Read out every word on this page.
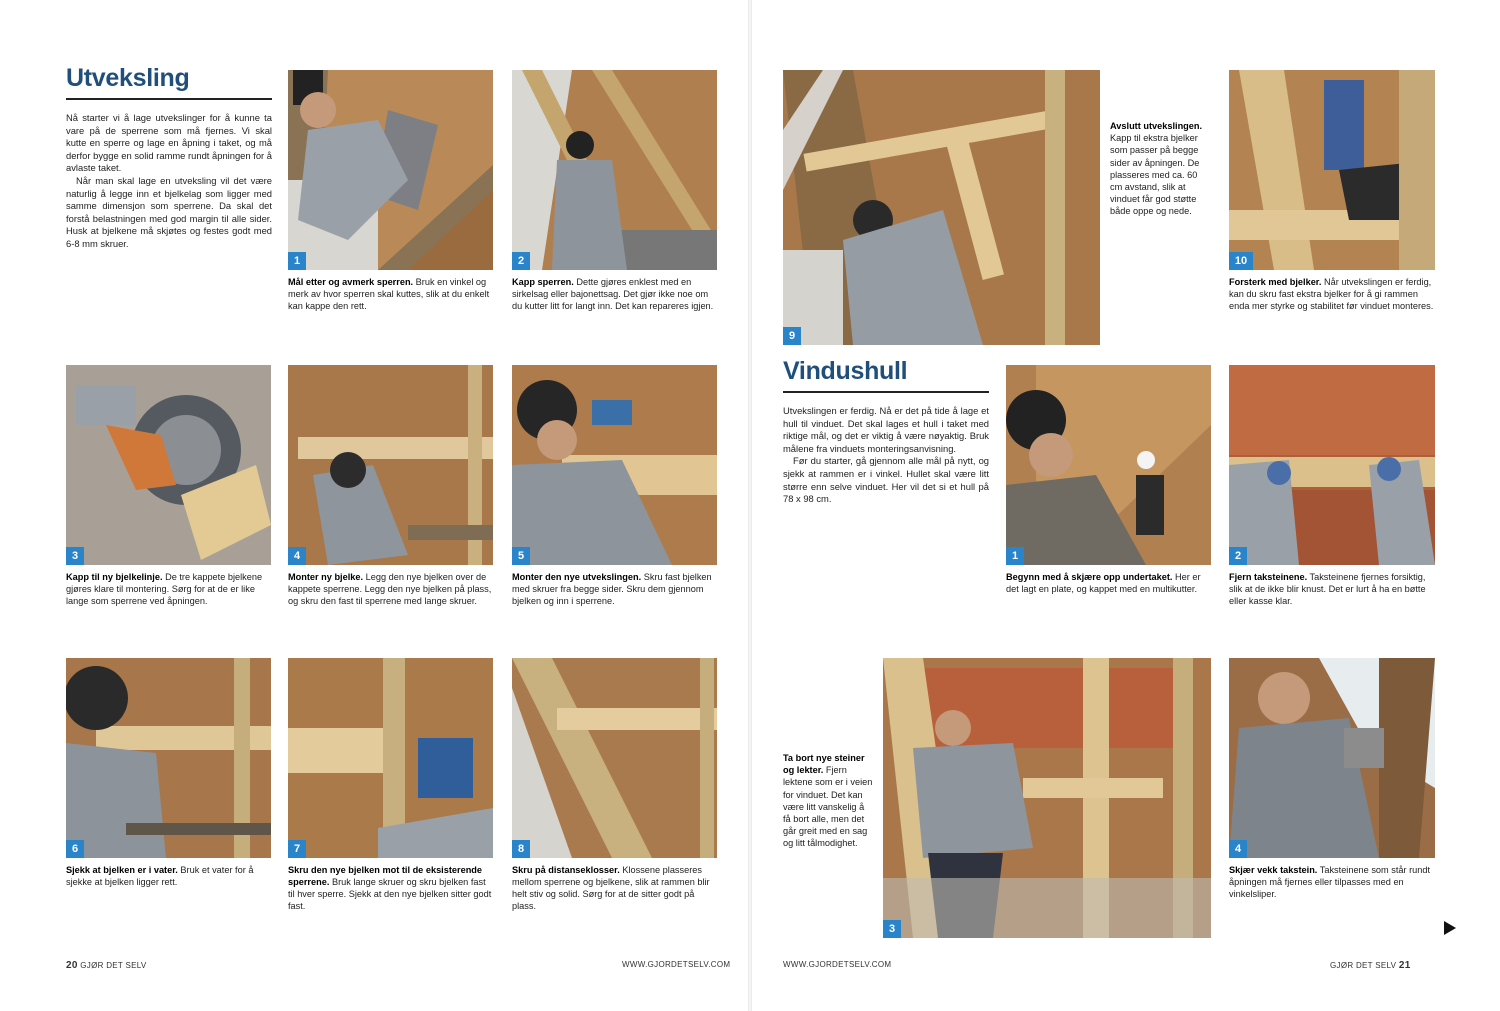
Utveksling

Nå starter vi å lage utvekslinger for å kunne ta vare på de sperrene som må fjernes. Vi skal kutte en sperre og lage en åpning i taket, og må derfor bygge en solid ramme rundt åpningen for å avlaste taket.

Når man skal lage en utveksling vil det være naturlig å legge inn et bjelkelag som ligger med samme dimensjon som sperrene. Da skal det forstå belastningen med god margin til alle sider. Husk at bjelkene må skjøtes og festes godt med 6-8 mm skruer.

1

Mål etter og avmerk sperren. Bruk en vinkel og merk av hvor sperren skal kuttes, slik at du enkelt kan kappe den rett.

2

Kapp sperren. Dette gjøres enklest med en sirkelsag eller bajonettsag. Det gjør ikke noe om du kutter litt for langt inn. Det kan repareres igjen.

3

Kapp til ny bjelkelinje. De tre kappete bjelkene gjøres klare til montering. Sørg for at de er like lange som sperrene ved åpningen.

4

Monter ny bjelke. Legg den nye bjelken over de kappete sperrene. Legg den nye bjelken på plass, og skru den fast til sperrene med lange skruer.

5

Monter den nye utvekslingen. Skru fast bjelken med skruer fra begge sider. Skru dem gjennom bjelken og inn i sperrene.

6

Sjekk at bjelken er i vater. Bruk et vater for å sjekke at bjelken ligger rett.

7

Skru den nye bjelken mot til de eksisterende sperrene. Bruk lange skruer og skru bjelken fast til hver sperre. Sjekk at den nye bjelken sitter godt fast.

8

Skru på distanseklosser. Klossene plasseres mellom sperrene og bjelkene, slik at rammen blir helt stiv og solid. Sørg for at de sitter godt på plass.

20 GJØR DET SELV	WWW.GJORDETSELV.COM
9

Avslutt utvekslingen. Kapp til ekstra bjelker som passer på begge sider av åpningen. De plasseres med ca. 60 cm avstand, slik at vinduet får god støtte både oppe og nede.

10

Forsterk med bjelker. Når utvekslingen er ferdig, kan du skru fast ekstra bjelker for å gi rammen enda mer styrke og stabilitet før vinduet monteres.

Vindushull

Utvekslingen er ferdig. Nå er det på tide å lage et hull til vinduet. Det skal lages et hull i taket med riktige mål, og det er viktig å være nøyaktig. Bruk målene fra vinduets monteringsanvisning.

Før du starter, gå gjennom alle mål på nytt, og sjekk at rammen er i vinkel. Hullet skal være litt større enn selve vinduet. Her vil det si et hull på 78 x 98 cm.

1

Begynn med å skjære opp undertaket. Her er det lagt en plate, og kappet med en multikutter.

2

Fjern taksteinene. Taksteinene fjernes forsiktig, slik at de ikke blir knust. Det er lurt å ha en bøtte eller kasse klar.

Ta bort nye steiner og lekter. Fjern lektene som er i veien for vinduet. Det kan være litt vanskelig å få bort alle, men det går greit med en sag og litt tålmodighet.

3
4

Skjær vekk takstein. Taksteinene som står rundt åpningen må fjernes eller tilpasses med en vinkelsliper.

WWW.GJORDETSELV.COM	GJØR DET SELV 21
